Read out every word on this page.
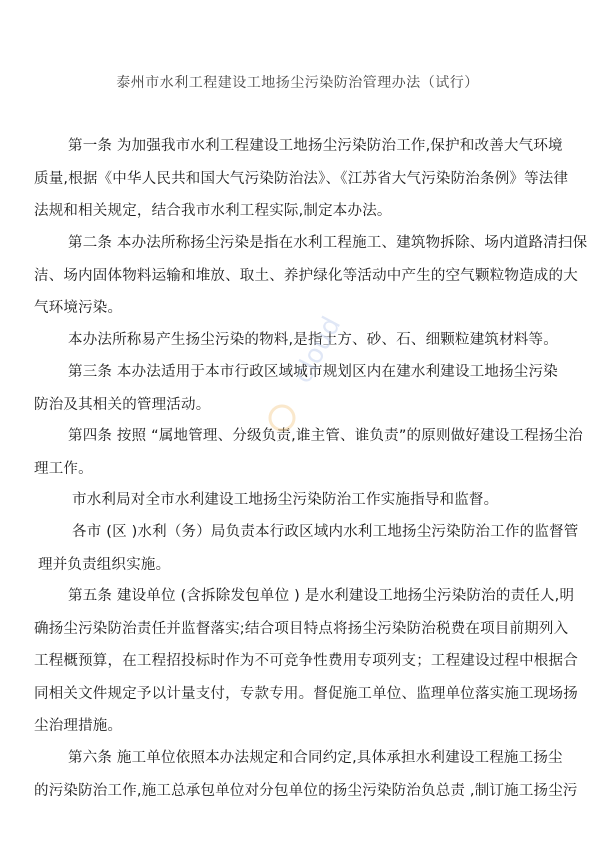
泰州市水利工程建设工地扬尘污染防治管理办法（试行）
第一条 为加强我市水利工程建设工地扬尘污染防治工作,保护和改善大气环境
质量,根据《中华人民共和国大气污染防治法》、《江苏省大气污染防治条例》等法律
法规和相关规定，结合我市水利工程实际,制定本办法。
第二条 本办法所称扬尘污染是指在水利工程施工、建筑物拆除、场内道路清扫保
洁、场内固体物料运输和堆放、取土、养护绿化等活动中产生的空气颗粒物造成的大
气环境污染。
本办法所称易产生扬尘污染的物料,是指土方、砂、石、细颗粒建筑材料等。
第三条 本办法适用于本市行政区域城市规划区内在建水利建设工地扬尘污染
防治及其相关的管理活动。
第四条 按照 “属地管理、分级负责,谁主管、谁负责”的原则做好建设工程扬尘治
理工作。
市水利局对全市水利建设工地扬尘污染防治工作实施指导和监督。
各市 (区 )水利（务）局负责本行政区域内水利工地扬尘污染防治工作的监督管
理并负责组织实施。
第五条 建设单位 (含拆除发包单位 ) 是水利建设工地扬尘污染防治的责任人,明
确扬尘污染防治责任并监督落实;结合项目特点将扬尘污染防治税费在项目前期列入
工程概预算，在工程招投标时作为不可竞争性费用专项列支；工程建设过程中根据合
同相关文件规定予以计量支付，专款专用。督促施工单位、监理单位落实施工现场扬
尘治理措施。
第六条 施工单位依照本办法规定和合同约定,具体承担水利建设工程施工扬尘
的污染防治工作,施工总承包单位对分包单位的扬尘污染防治负总责 ,制订施工扬尘污
cloud
